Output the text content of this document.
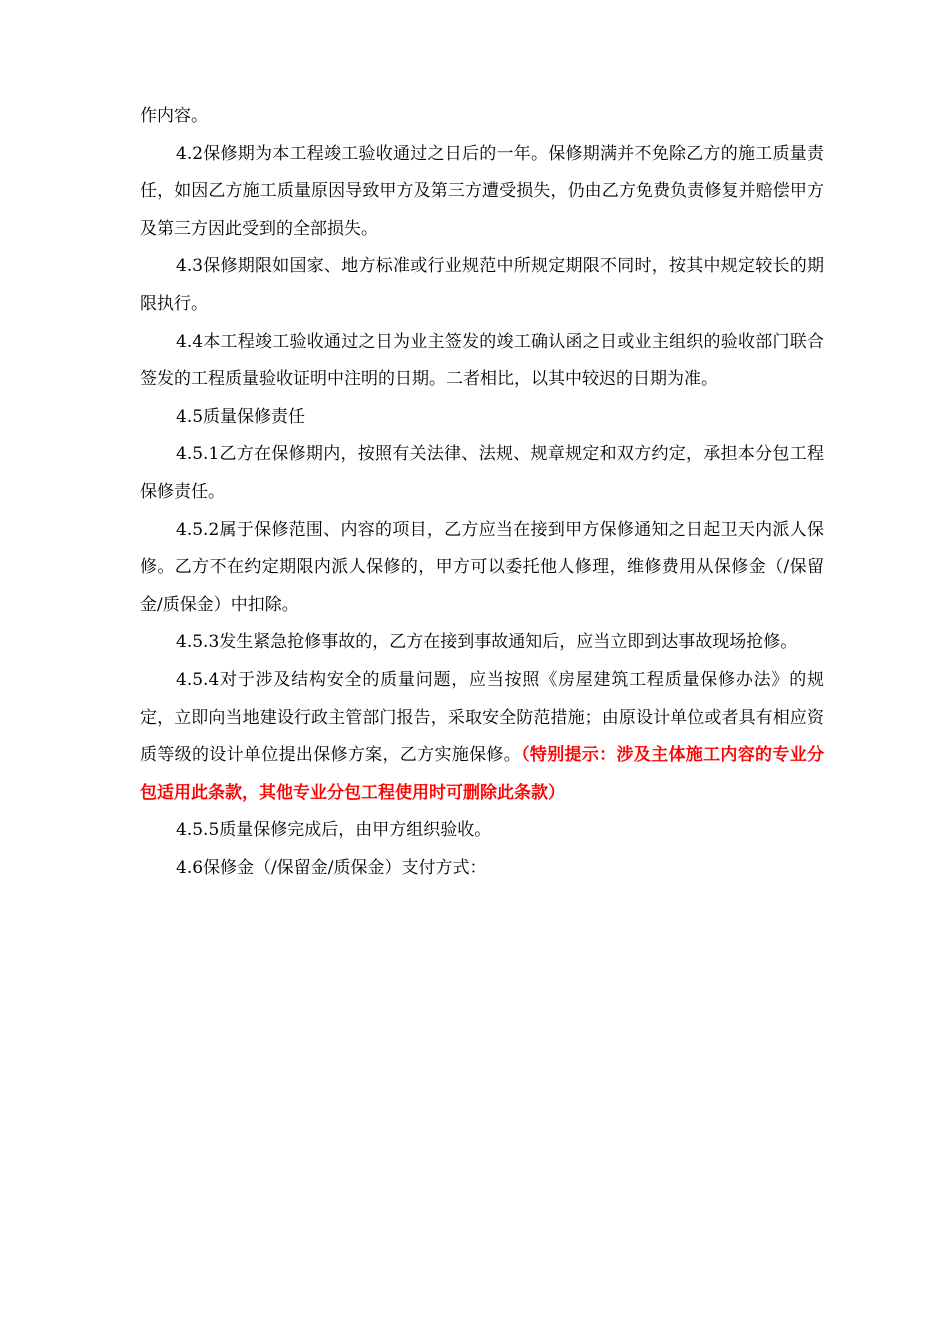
作内容。

4.2保修期为本工程竣工验收通过之日后的一年。保修期满并不免除乙方的施工质量责任，如因乙方施工质量原因导致甲方及第三方遭受损失，仍由乙方免费负责修复并赔偿甲方及第三方因此受到的全部损失。

4.3保修期限如国家、地方标准或行业规范中所规定期限不同时，按其中规定较长的期限执行。

4.4本工程竣工验收通过之日为业主签发的竣工确认函之日或业主组织的验收部门联合签发的工程质量验收证明中注明的日期。二者相比，以其中较迟的日期为准。

4.5质量保修责任

4.5.1乙方在保修期内，按照有关法律、法规、规章规定和双方约定，承担本分包工程保修责任。

4.5.2属于保修范围、内容的项目，乙方应当在接到甲方保修通知之日起卫天内派人保修。乙方不在约定期限内派人保修的，甲方可以委托他人修理，维修费用从保修金（/保留金/质保金）中扣除。

4.5.3发生紧急抢修事故的，乙方在接到事故通知后，应当立即到达事故现场抢修。

4.5.4对于涉及结构安全的质量问题，应当按照《房屋建筑工程质量保修办法》的规定，立即向当地建设行政主管部门报告，采取安全防范措施；由原设计单位或者具有相应资质等级的设计单位提出保修方案，乙方实施保修。（特别提示：涉及主体施工内容的专业分包适用此条款，其他专业分包工程使用时可删除此条款）

4.5.5质量保修完成后，由甲方组织验收。

4.6保修金（/保留金/质保金）支付方式：
